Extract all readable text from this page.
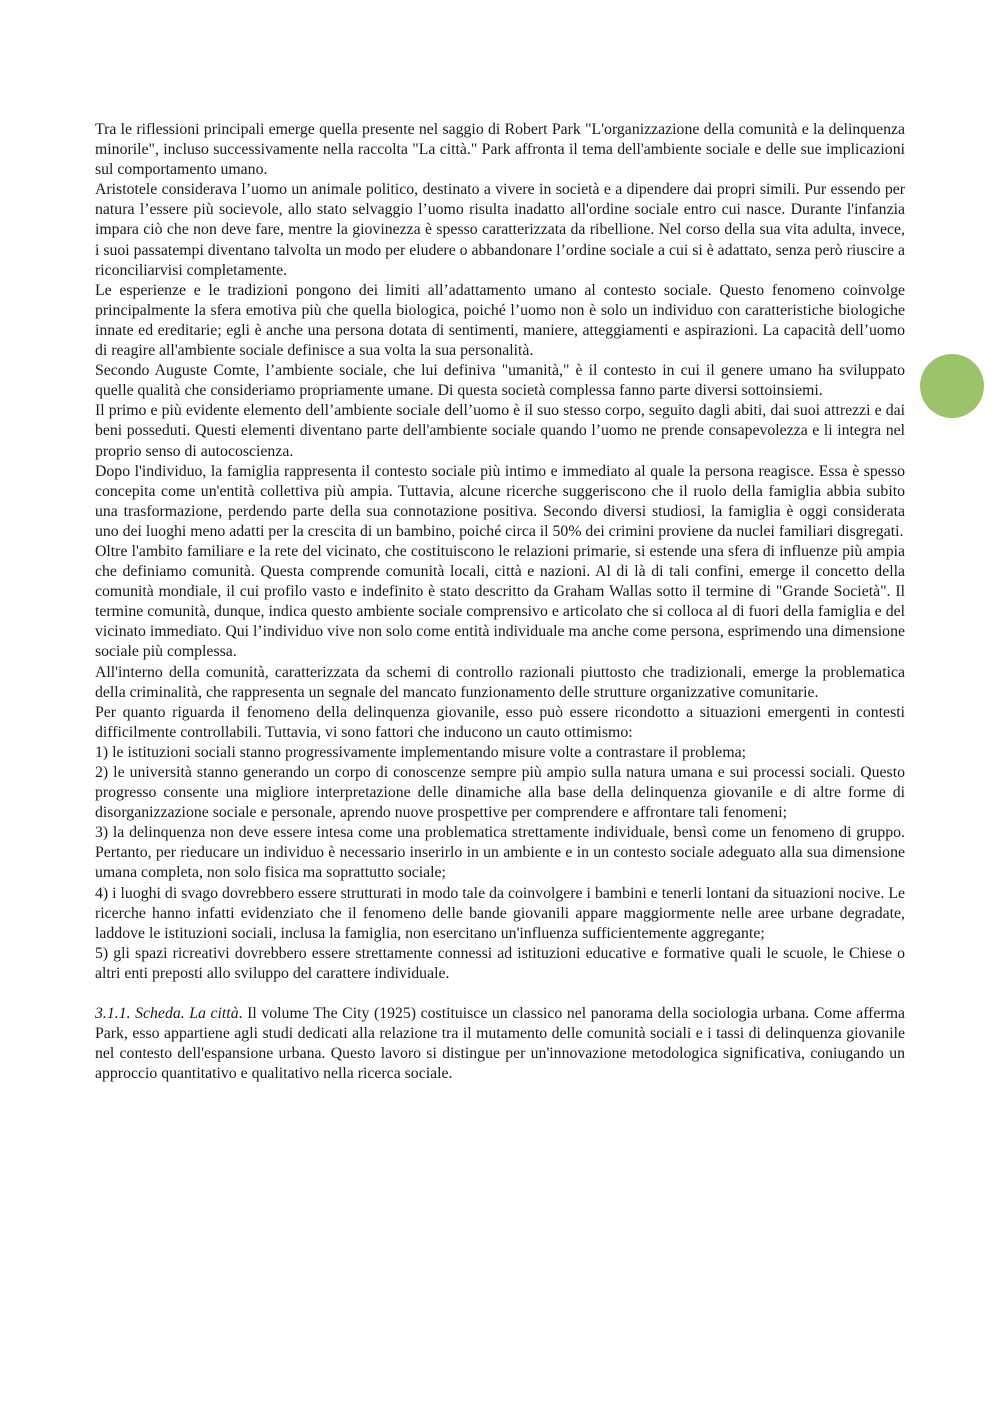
Tra le riflessioni principali emerge quella presente nel saggio di Robert Park "L'organizzazione della comunità e la delinquenza minorile", incluso successivamente nella raccolta "La città." Park affronta il tema dell'ambiente sociale e delle sue implicazioni sul comportamento umano.

Aristotele considerava l’uomo un animale politico, destinato a vivere in società e a dipendere dai propri simili. Pur essendo per natura l’essere più socievole, allo stato selvaggio l’uomo risulta inadatto all'ordine sociale entro cui nasce. Durante l'infanzia impara ciò che non deve fare, mentre la giovinezza è spesso caratterizzata da ribellione. Nel corso della sua vita adulta, invece, i suoi passatempi diventano talvolta un modo per eludere o abbandonare l’ordine sociale a cui si è adattato, senza però riuscire a riconciliarvisi completamente.

Le esperienze e le tradizioni pongono dei limiti all’adattamento umano al contesto sociale. Questo fenomeno coinvolge principalmente la sfera emotiva più che quella biologica, poiché l’uomo non è solo un individuo con caratteristiche biologiche innate ed ereditarie; egli è anche una persona dotata di sentimenti, maniere, atteggiamenti e aspirazioni. La capacità dell’uomo di reagire all'ambiente sociale definisce a sua volta la sua personalità.

Secondo Auguste Comte, l’ambiente sociale, che lui definiva "umanità," è il contesto in cui il genere umano ha sviluppato quelle qualità che consideriamo propriamente umane. Di questa società complessa fanno parte diversi sottoinsiemi.

Il primo e più evidente elemento dell’ambiente sociale dell’uomo è il suo stesso corpo, seguito dagli abiti, dai suoi attrezzi e dai beni posseduti. Questi elementi diventano parte dell'ambiente sociale quando l’uomo ne prende consapevolezza e li integra nel proprio senso di autocoscienza.

Dopo l'individuo, la famiglia rappresenta il contesto sociale più intimo e immediato al quale la persona reagisce. Essa è spesso concepita come un'entità collettiva più ampia. Tuttavia, alcune ricerche suggeriscono che il ruolo della famiglia abbia subito una trasformazione, perdendo parte della sua connotazione positiva. Secondo diversi studiosi, la famiglia è oggi considerata uno dei luoghi meno adatti per la crescita di un bambino, poiché circa il 50% dei crimini proviene da nuclei familiari disgregati.

Oltre l'ambito familiare e la rete del vicinato, che costituiscono le relazioni primarie, si estende una sfera di influenze più ampia che definiamo comunità. Questa comprende comunità locali, città e nazioni. Al di là di tali confini, emerge il concetto della comunità mondiale, il cui profilo vasto e indefinito è stato descritto da Graham Wallas sotto il termine di "Grande Società". Il termine comunità, dunque, indica questo ambiente sociale comprensivo e articolato che si colloca al di fuori della famiglia e del vicinato immediato. Qui l’individuo vive non solo come entità individuale ma anche come persona, esprimendo una dimensione sociale più complessa.

All'interno della comunità, caratterizzata da schemi di controllo razionali piuttosto che tradizionali, emerge la problematica della criminalità, che rappresenta un segnale del mancato funzionamento delle strutture organizzative comunitarie.

Per quanto riguarda il fenomeno della delinquenza giovanile, esso può essere ricondotto a situazioni emergenti in contesti difficilmente controllabili. Tuttavia, vi sono fattori che inducono un cauto ottimismo:

1) le istituzioni sociali stanno progressivamente implementando misure volte a contrastare il problema;

2) le università stanno generando un corpo di conoscenze sempre più ampio sulla natura umana e sui processi sociali. Questo progresso consente una migliore interpretazione delle dinamiche alla base della delinquenza giovanile e di altre forme di disorganizzazione sociale e personale, aprendo nuove prospettive per comprendere e affrontare tali fenomeni;

3) la delinquenza non deve essere intesa come una problematica strettamente individuale, bensì come un fenomeno di gruppo. Pertanto, per rieducare un individuo è necessario inserirlo in un ambiente e in un contesto sociale adeguato alla sua dimensione umana completa, non solo fisica ma soprattutto sociale;

4) i luoghi di svago dovrebbero essere strutturati in modo tale da coinvolgere i bambini e tenerli lontani da situazioni nocive. Le ricerche hanno infatti evidenziato che il fenomeno delle bande giovanili appare maggiormente nelle aree urbane degradate, laddove le istituzioni sociali, inclusa la famiglia, non esercitano un'influenza sufficientemente aggregante;

5) gli spazi ricreativi dovrebbero essere strettamente connessi ad istituzioni educative e formative quali le scuole, le Chiese o altri enti preposti allo sviluppo del carattere individuale.

3.1.1. Scheda. La città. Il volume The City (1925) costituisce un classico nel panorama della sociologia urbana. Come afferma Park, esso appartiene agli studi dedicati alla relazione tra il mutamento delle comunità sociali e i tassi di delinquenza giovanile nel contesto dell'espansione urbana. Questo lavoro si distingue per un'innovazione metodologica significativa, coniugando un approccio quantitativo e qualitativo nella ricerca sociale.
